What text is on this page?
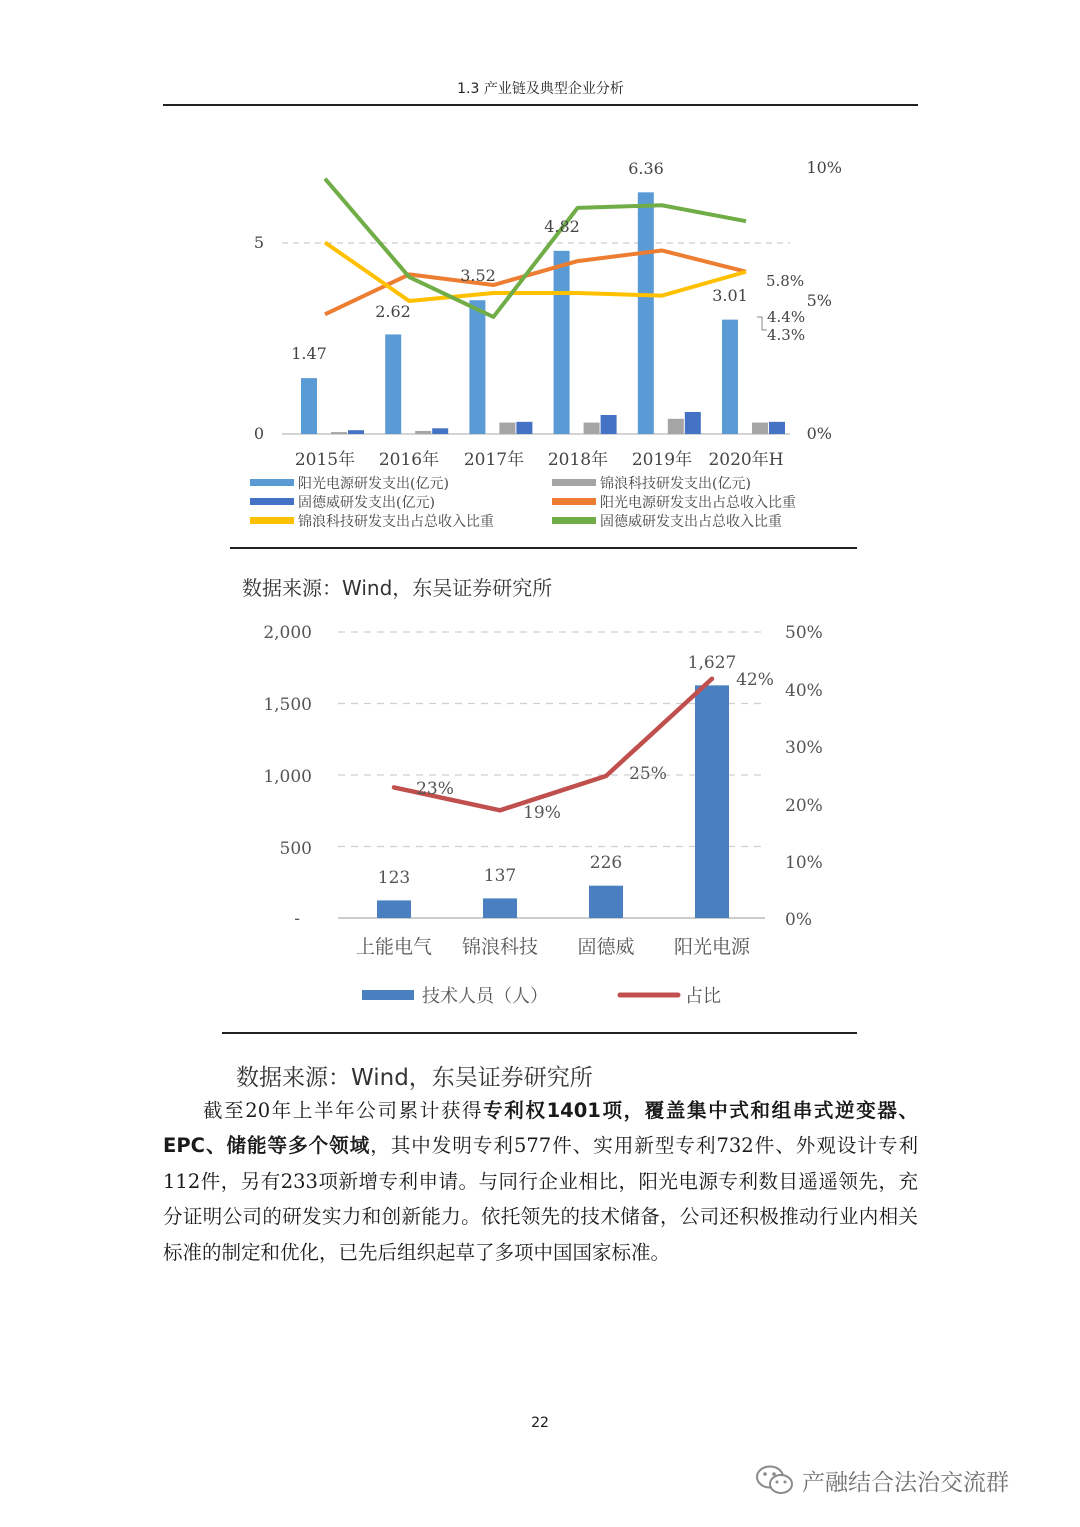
1.3 产业链及典型企业分析
5
0
10%
5%
0%
1.47
2.62
3.52
4.82
6.36
3.01
5.8%
4.4%
4.3%
2015年 2016年 2017年 2018年 2019年 2020年H
阳光电源研发支出(亿元)	锦浪科技研发支出(亿元)
固德威研发支出(亿元)	阳光电源研发支出占总收入比重
锦浪科技研发支出占总收入比重	固德威研发支出占总收入比重
数据来源：Wind，东吴证券研究所
2,000
1,500
1,000
500
-
50%
40%
30%
20%
10%
0%
123	137
226
1,627
23%
19%
25%
42%
上能电气 锦浪科技 固德威 阳光电源
技术人员（人）	占比
数据来源：Wind，东吴证券研究所
截至20年上半年公司累计获得专利权1401项，覆盖集中式和组串式逆变器、EPC、储能等多个领域，其中发明专利577件、实用新型专利732件、外观设计专利112件，另有233项新增专利申请。与同行企业相比，阳光电源专利数目遥遥领先，充分证明公司的研发实力和创新能力。依托领先的技术储备，公司还积极推动行业内相关标准的制定和优化，已先后组织起草了多项中国国家标准。
22
产融结合法治交流群
